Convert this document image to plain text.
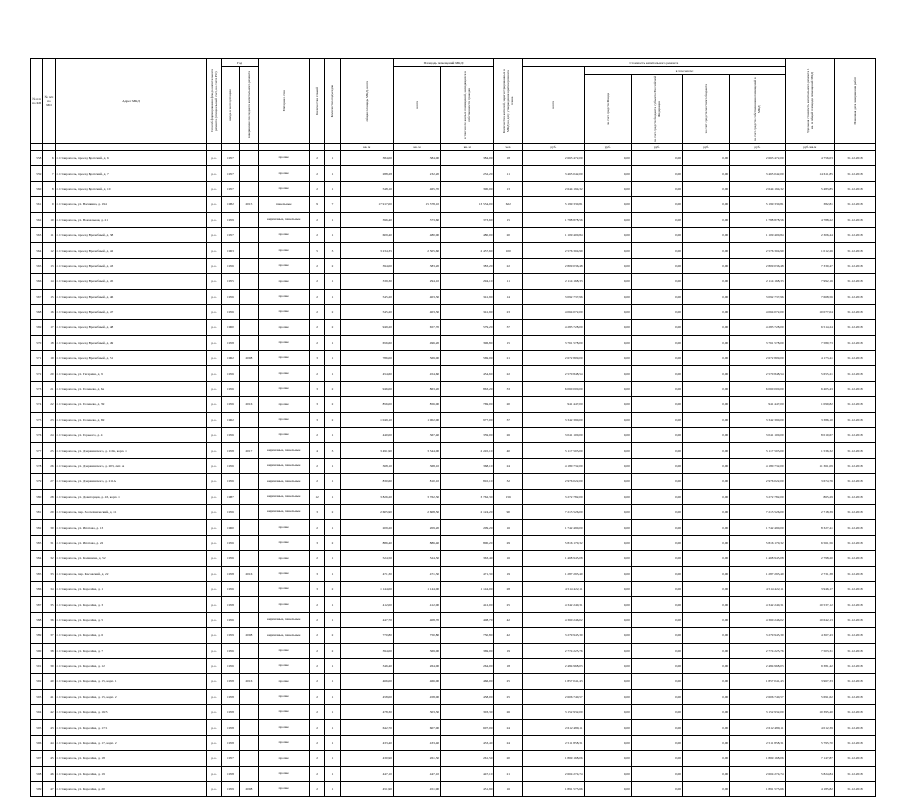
№ п/п по КП	№ п/п по МО	Адрес МКД	Способ формирования фонда капитального ремонта (специальный счет, на счете РО)	Год		Материал стен	Количество этажей	Количество подъездов	общая площадь МКД, всего	Площадь помещений МКД:		Количество жителей, зарегистрированных в МКД на дату утверждения краткосрочного плана	Стоимость капитального ремонта					Удельная стоимость капитального ремонта 1 кв. м общей площади помещений МКД	Плановая дата завершения работ

				ввода в эксплуатацию	завершение последнего капитального ремонта					всего	в том числе жилых помещений, находящихся в собственности граждан		всего	в том числе:					

														за счет средств Фонда	за счет средств бюджета субъекта Российской Федерации	за счет средств местного бюджета	за счет средств собственников помещений в МКД		

									кв. м	кв. м	кв. м	чел.	руб.	руб.	руб.	руб.	руб.	руб./кв.м	
558	6	г. Ставрополь, проезд Братский, д. 6	р.о.	1957		прочие	2	1	384,00	384,00	384,00	18	2 663 472,00	0,00	0,00	0,00	2 663 472,00	4 756,03	31.12.2018
559	7	г. Ставрополь, проезд Братский, д. 7	р.о.	1957		прочие	2	1	288,28	232,20	232,20	11	3 465 042,00	0,00	0,00	0,00	3 465 042,00	14 611,85	31.12.2018
560	8	г. Ставрополь, проезд Братский, д. 10	р.о.	1957		прочие	2	1	548,10	465,70	390,00	13	2 644 194,32	0,00	0,00	0,00	2 644 194,32	5 483,85	31.12.2018
561	9	г. Ставрополь, ул. Васякина, д. 194	р.о.	1982	2015	панельные	9	7	17 917,00	15 378,10	13 534,00	622	5 199 330,81	0,00	0,00	0,00	5 199 330,81	382,81	31.12.2018
562	10	г. Ставрополь, ул. Вокзальная, д. 21	р.о.	1959		кирпичные, панельные	2	1	396,40	373,60	373,60	15	1 788 878,56	0,00	0,00	0,00	1 788 878,56	4 788,22	31.12.2018
563	11	г. Ставрополь, проезд Врачебный, д. 38	р.о.	1957		прочие	2	1	609,40	480,00	480,00	20	1 109 400,84	0,00	0,00	0,00	1 109 400,84	2 306,44	31.12.2018
564	12	г. Ставрополь, проезд Врачебный, д. 42	р.о.	1963		прочие	5	3	3 234,35	2 505,60	2 457,60	100	2 576 304,99	0,00	0,00	0,00	2 576 304,99	1 012,26	31.12.2018
565	13	г. Ставрополь, проезд Врачебный, д. 43	р.о.	1956		прочие	2	2	394,00	383,20	383,20	22	2 809 036,48	0,00	0,00	0,00	2 809 036,48	7 330,47	31.12.2018
566	14	г. Ставрополь, проезд Врачебный, д. 45	р.о.	1955		прочие	2	1	339,30	294,10	294,10	11	2 114 168,33	0,00	0,00	0,00	2 114 168,33	7 992,16	31.12.2018
567	15	г. Ставрополь, проезд Врачебный, д. 46	р.о.	1956		прочие	2	1	545,20	403,30	341,90	14	3 092 737,96	0,00	0,00	0,00	3 092 737,96	7 668,56	31.12.2018
568	16	г. Ставрополь, проезд Врачебный, д. 47	р.о.	1956		прочие	2	2	545,20	403,30	341,90	23	4 064 072,00	0,00	0,00	0,00	4 064 072,00	10 077,04	31.12.2018
569	17	г. Ставрополь, проезд Врачебный, д. 48	р.о.	1960		прочие	2	2	949,20	657,70	579,20	37	4 283 728,00	0,00	0,00	0,00	4 283 728,00	6 514,24	31.12.2018
570	18	г. Ставрополь, проезд Врачебный, д. 49	р.о.	1958		прочие	2	1	656,60	496,20	396,80	15	3 761 578,00	0,00	0,00	0,00	3 761 578,00	7 580,73	31.12.2018
571	19	г. Ставрополь, проезд Врачебный, д. 51	р.о.	1962	2008	прочие	3	1	786,00	569,00	569,00	21	2 672 809,00	0,00	0,00	0,00	2 672 809,00	4 173,41	31.12.2018
572	20	г. Ставрополь, ул. Гагарина, д. 9	р.о.	1956		прочие	2	1	454,60	454,60	454,60	22	2 570 848,54	0,00	0,00	0,00	2 570 848,54	5 655,21	31.12.2018
573	21	г. Ставрополь, ул. Голенева, д. 6а	р.о.	1956		прочие	3	2	946,00	863,20	863,20	33	6 060 000,00	0,00	0,00	0,00	6 060 000,00	6 405,43	31.12.2018
574	22	г. Ставрополь, ул. Голенева, д. 39	р.о.	1956	2016	прочие	3	2	856,00	856,00	769,00	20	941 447,00	0,00	0,00	0,00	941 447,00	1 099,82	31.12.2018
575	23	г. Ставрополь, ул. Голенева, д. 69	р.о.	1962		прочие	3	2	1 049,10	1 002,00	977,00	37	3 342 390,00	0,00	0,00	0,00	3 342 390,00	3 386,10	31.12.2018
576	24	г. Ставрополь, ул. Горького, д. 4	р.о.	1956		прочие	2	1	440,00	367,40	359,00	26	3 041 100,00	0,00	0,00	0,00	3 041 100,00	8 010,67	31.12.2018
577	25	г. Ставрополь, ул. Дзержинского, д. 110а, корп. 1	р.о.	1958	2017	кирпичные, панельные	4	3	3 491,90	3 344,00	2 245,10	40	5 117 503,00	0,00	0,00	0,00	5 117 503,00	1 536,32	31.12.2018
578	26	г. Ставрополь, ул. Дзержинского, д. 203, лит. А	р.о.	1956		кирпичные, панельные	2	1	368,10	368,10	368,10	24	4 180 732,00	0,00	0,00	0,00	4 180 732,00	11 361,09	31.12.2018
579	27	г. Ставрополь, ул. Дзержинского, д. 211А	р.о.	1956		кирпичные, панельные	2	1	830,60	810,10	810,10	32	2 976 022,00	0,00	0,00	0,00	2 976 022,00	3 674,76	31.12.2018
580	28	г. Ставрополь, ул. Доваторцев, д. 43, корп. 1	р.о.	1987		кирпичные, панельные	12	1	3 826,20	3 762,30	3 762,30	156	3 272 782,00	0,00	0,00	0,00	3 272 782,00	865,29	31.12.2018
581	29	г. Ставрополь, пер. Зоотехнический, д. 11	р.о.	1956		кирпичные, панельные	3	2	2 605,90	2 608,50	2 124,20	90	7 213 526,00	0,00	0,00	0,00	7 213 526,00	2 718,39	31.12.2018
582	30	г. Ставрополь, ул. Ипатова, д. 13	р.о.	1960		прочие	2	1	209,20	209,20	209,20	16	1 742 490,00	0,00	0,00	0,00	1 742 490,00	8 327,41	31.12.2018
583	31	г. Ставрополь, ул. Ипатова, д. 22	р.о.	1956		прочие	3	2	886,40	886,40	800,20	29	5 816 170,32	0,00	0,00	0,00	5 816 170,32	6 561,56	31.12.2018
584	32	г. Ставрополь, ул. Калинина, д. 52	р.о.	1956		прочие	2	1	524,50	524,50	363,40	16	1 468 945,08	0,00	0,00	0,00	1 468 945,08	2 798,20	31.12.2018
585	33	г. Ставрополь, пер. Касовский, д. 22	р.о.	1958	2016	прочие	3	1	471,30	471,30	471,30	19	1 287 293,40	0,00	0,00	0,00	1 287 293,40	2 731,38	31.12.2018
586	34	г. Ставрополь, ул. Королёва, д. 1	р.о.	1956		прочие	3	2	1 144,00	1 144,00	1 144,00	28	4 514 422,11	0,00	0,00	0,00	4 514 422,11	3 946,17	31.12.2018
587	35	г. Ставрополь, ул. Королёва, д. 3	р.о.	1958		прочие	2	1	412,00	412,00	412,00	25	4 342 240,31	0,00	0,00	0,00	4 342 240,31	10 537,12	31.12.2018
588	36	г. Ставрополь, ул. Королёва, д. 5	р.о.	1956		кирпичные, панельные	2	1	447,70	408,70	408,70	42	4 360 246,02	0,00	0,00	0,00	4 360 246,02	10 642,13	31.12.2018
589	37	г. Ставрополь, ул. Королёва, д. 6	р.о.	1959	2008	кирпичные, панельные	2	2	770,80	750,80	750,80	42	3 279 945,30	0,00	0,00	0,00	3 279 945,30	4 367,43	31.12.2018
590	38	г. Ставрополь, ул. Королёва, д. 7	р.о.	1956		прочие	2	2	394,00	369,00	369,00	19	2 774 225,76	0,00	0,00	0,00	2 774 225,76	7 503,31	31.12.2018
591	39	г. Ставрополь, ул. Королёва, д. 12	р.о.	1956		прочие	2	1	346,40	264,00	264,00	18	2 484 968,03	0,00	0,00	0,00	2 484 968,03	9 381,42	31.12.2018
592	40	г. Ставрополь, ул. Королёва, д. 15, корп. 1	р.о.	1958	2016	прочие	2	1	466,00	466,00	466,00	25	1 857 041,43	0,00	0,00	0,00	1 857 041,43	3 967,33	31.12.2018
593	41	г. Ставрополь, ул. Королёва, д. 15, корп. 2	р.о.	1958		прочие	2	1	458,00	458,00	458,00	25	2 606 740,57	0,00	0,00	0,00	2 606 740,57	5 691,62	31.12.2018
594	42	г. Ставрополь, ул. Королёва, д. 16/3	р.о.	1958		прочие	2	1	478,30	303,30	303,30	26	3 152 932,00	0,00	0,00	0,00	3 152 932,00	10 395,40	31.12.2018
595	43	г. Ставрополь, ул. Королёва, д. 17/1	р.о.	1958		прочие	2	1	642,70	607,00	607,00	24	2 612 489,11	0,00	0,00	0,00	2 612 489,11	4 012,39	31.12.2018
596	44	г. Ставрополь, ул. Королёва, д. 17, корп. 2	р.о.	1958		прочие	2	1	433,40	433,40	433,40	24	2 511 858,31	0,00	0,00	0,00	2 511 858,31	5 795,70	31.12.2018
597	45	г. Ставрополь, ул. Королёва, д. 18	р.о.	1957		прочие	2	1	430,90	261,50	261,50	20	1 869 168,06	0,00	0,00	0,00	1 869 168,06	7 147,87	31.12.2018
598	46	г. Ставрополь, ул. Королёва, д. 19	р.о.	1958		прочие	2	1	447,10	447,10	447,10	21	2 604 274,74	0,00	0,00	0,00	2 604 274,74	5 824,84	31.12.2018
599	47	г. Ставрополь, ул. Королёва, д. 20	р.о.	1959	2008	прочие	2	1	451,90	451,90	451,90	16	1 891 573,66	0,00	0,00	0,00	1 891 573,66	4 185,82	31.12.2018
